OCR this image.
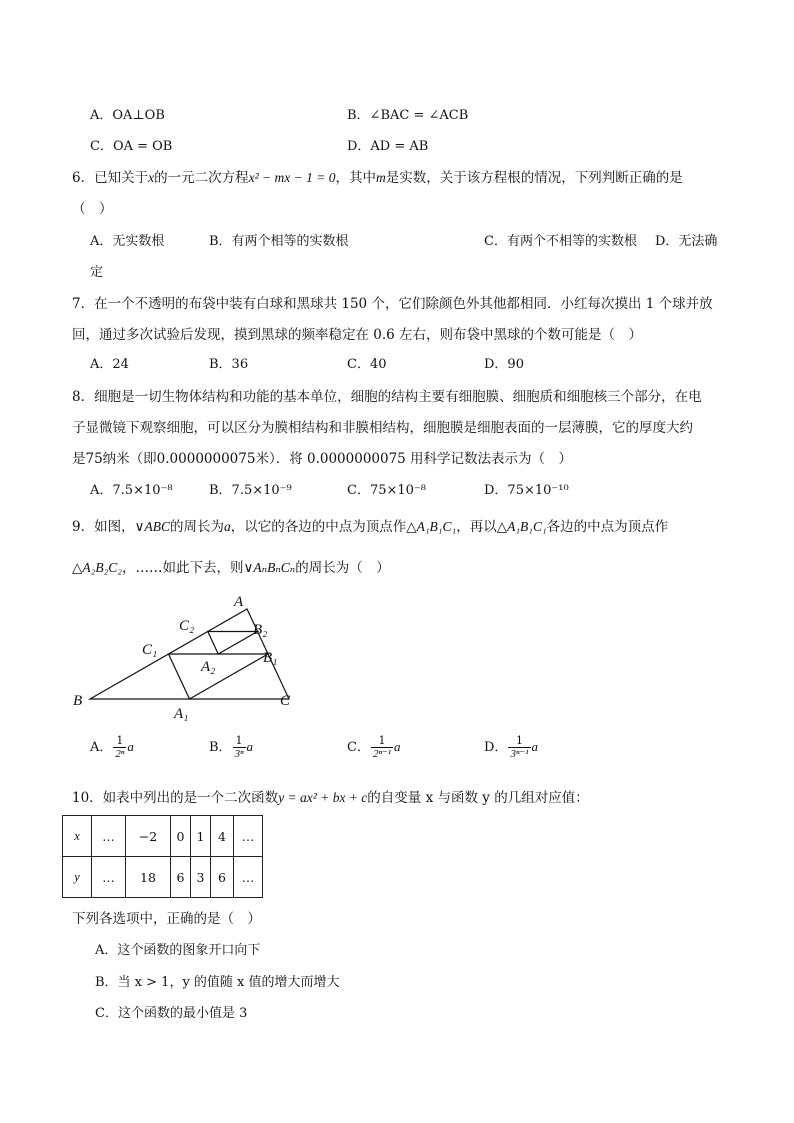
A．OA⊥OB	B．∠BAC = ∠ACB
C．OA = OB	D．AD = AB
6．已知关于x的一元二次方程x² − mx − 1 = 0，其中m是实数，关于该方程根的情况，下列判断正确的是
（　）
A．无实数根	B．有两个相等的实数根	C．有两个不相等的实数根 D．无法确
定
7．在一个不透明的布袋中装有白球和黑球共 150 个，它们除颜色外其他都相同．小红每次摸出 1 个球并放
回，通过多次试验后发现，摸到黑球的频率稳定在 0.6 左右，则布袋中黑球的个数可能是（　）
A．24	B．36	C．40	D．90
8．细胞是一切生物体结构和功能的基本单位，细胞的结构主要有细胞膜、细胞质和细胞核三个部分，在电
子显微镜下观察细胞，可以区分为膜相结构和非膜相结构，细胞膜是细胞表面的一层薄膜，它的厚度大约
是75纳米（即0.0000000075米）．将 0.0000000075 用科学记数法表示为（　）
A．7.5×10⁻⁸	B．7.5×10⁻⁹	C．75×10⁻⁸	D．75×10⁻¹⁰
9．如图，∨ABC的周长为a，以它的各边的中点为顶点作△A₁B₁C₁，再以△A₁B₁C₁各边的中点为顶点作
△A₂B₂C₂，……如此下去，则∨AₙBₙCₙ的周长为（　）
A
B	C
A₁
B₁
C₁
A₂
B₂
C₂
A． $\frac{1}{\text{2ⁿ}}$ a	B． $\frac{1}{\text{3ⁿ}}$ a	C． $\frac{1}{\text{2ⁿ⁻¹}}$ a	D． $\frac{1}{\text{3ⁿ⁻¹}}$ a
10．如表中列出的是一个二次函数y = ax² + bx + c的自变量 x 与函数 y 的几组对应值：
x	…	−2	0	1	4	…
y	…	18	6	3	6	…
下列各选项中，正确的是（　）
A．这个函数的图象开口向下
B．当 x > 1，y 的值随 x 值的增大而增大
C．这个函数的最小值是 3
